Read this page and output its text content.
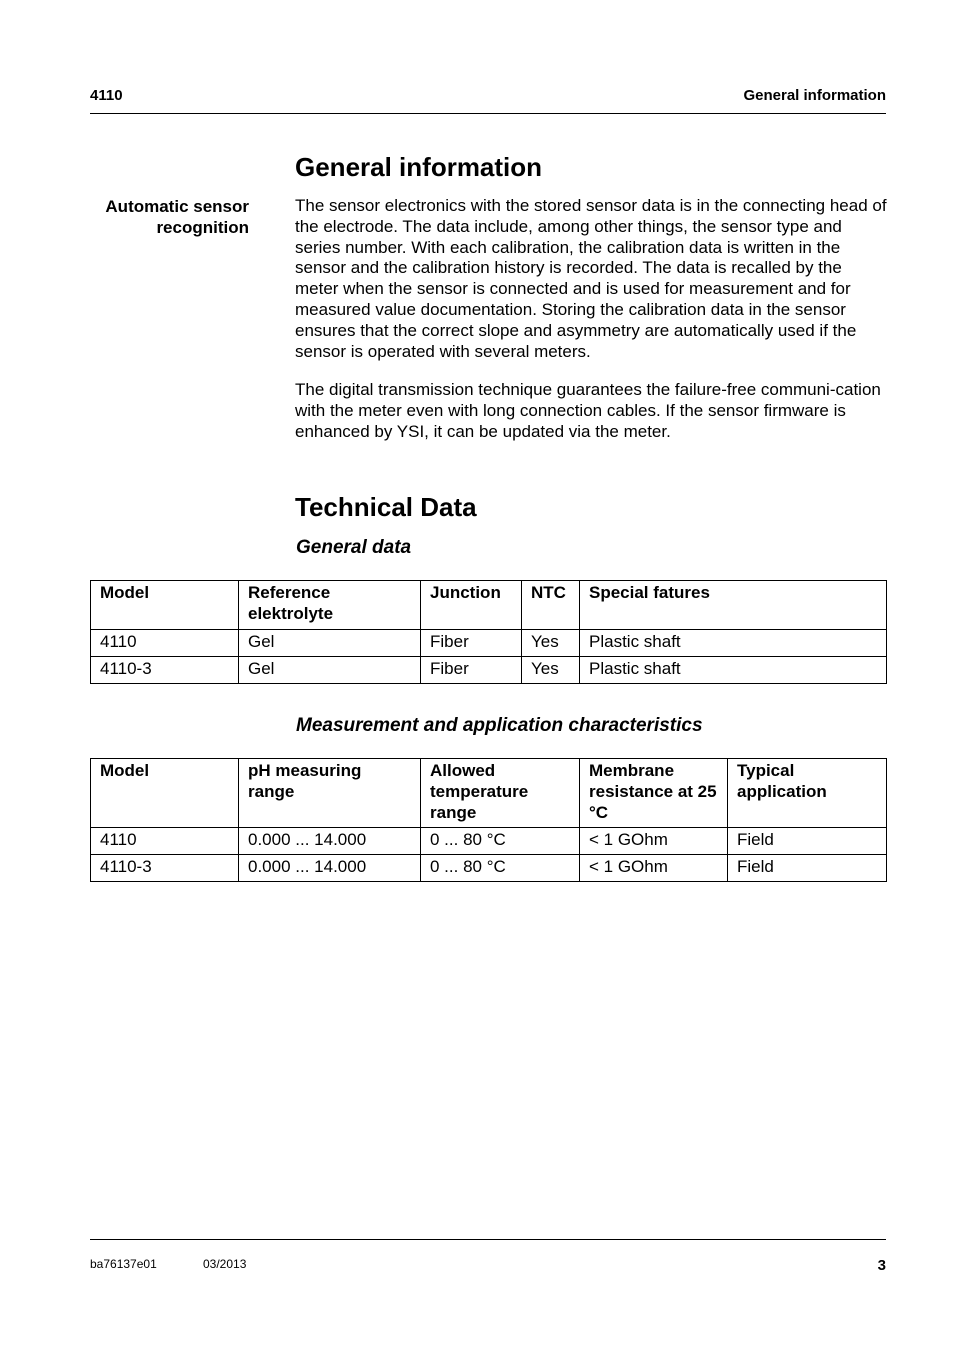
4110	General information
General information
Automatic sensor recognition

The sensor electronics with the stored sensor data is in the connecting head of the electrode. The data include, among other things, the sensor type and series number. With each calibration, the calibration data is written in the sensor and the calibration history is recorded. The data is recalled by the meter when the sensor is connected and is used for measurement and for measured value documentation. Storing the calibration data in the sensor ensures that the correct slope and asymmetry are automatically used if the sensor is operated with several meters.

The digital transmission technique guarantees the failure-free communi-cation with the meter even with long connection cables. If the sensor firmware is enhanced by YSI, it can be updated via the meter.

Technical Data
General data
Model	Reference elektrolyte	Junction	NTC	Special fatures
4110	Gel	Fiber	Yes	Plastic shaft
4110-3	Gel	Fiber	Yes	Plastic shaft
Measurement and application characteristics
Model	pH measuring range	Allowed temperature range	Membrane resistance at 25 °C	Typical application
4110	0.000 ... 14.000	0 ... 80 °C	< 1 GOhm	Field
4110-3	0.000 ... 14.000	0 ... 80 °C	< 1 GOhm	Field
ba76137e01	03/2013	3
